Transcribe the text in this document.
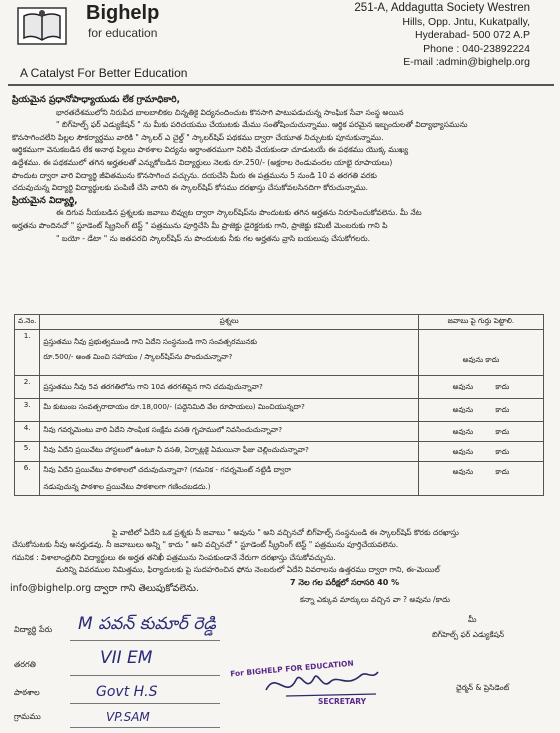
Bighelp
for education
A Catalyst For Better Education
251-A, Addagutta Society Westren
Hills, Opp. Jntu, Kukatpally,
Hyderabad- 500 072 A.P
Phone : 040-23892224
E-mail :admin@bighelp.org
ప్రియమైన ప్రధానోపాధ్యాయుడు లేక గ్రామాధికారి,
భారతదేశములోని నిరుపేద బాలబాలికల చిన్నతికై విద్యనందించుట కొనసాగి పాటుపడుచున్న సాంఘిక సేవా సంస్థ అయిన
" బిగ్‌హెల్ప్ ఫర్ ఎడ్యుకేషన్ " ను మీకు పరిచయము చేయుటకు మేము సంతోషించుచున్నాము. ఆర్థిక పరమైన ఇబ్బందులతో విద్యాభ్యాసమును
కొనసాగించలేని పిల్లల సౌకర్యార్థము వారికి " స్కాలర్ ఎ చైల్డ్ " స్కాలర్‌షిప్ పథకము ద్వారా చేయూత నిచ్చుటకు పూనుకున్నాము.
ఆర్థికముగా వెనుకబడిన లేక అనాథ పిల్లలు పాఠశాల విద్యను అర్ధాంతరముగా నిలిపి వేయకుండా చూడుటయే ఈ పథకము యొక్క ముఖ్య
ఉద్దేశము. ఈ పథకములో తగిన అర్హతలతో ఎన్నుకోబడిన విద్యార్థులు నెలకు రూ.250/- (అక్షరాల రెండువందల యాభై రూపాయలు)
పొందుట ద్వారా వారి విద్యార్థి జీవితమును కొనసాగించ వచ్చును. దయచేసి మీరు ఈ పత్రమును 5 నుండి 10 వ తరగతి వరకు
చదువుచున్న విద్యార్థి విద్యార్థులకు పంపిణీ చేసి వారిని ఈ స్కాలర్‌షిప్ కోసము దరఖాస్తు చేసుకోవలసినదిగా కోరుచున్నాము.
ప్రియమైన విద్యార్థి,
ఈ దిగువ నీయబడిన ప్రశ్నలకు జవాబు లివ్వుట ద్వారా స్కాలర్‌షిప్‌ను పొందుటకు తగిన అర్హతను నిరూపించుకోవలెను. మీ నేట
అర్హతను పొందినచో " స్టూడెంట్ స్క్రీనింగ్ టెస్ట్ " పత్రమును పూర్తిచేసి మీ ప్రాజెక్టు డైరెక్టరుకు గాని, ప్రాజెక్టు కమిటీ మెంబరుకు గాని పి
" బయో - డేటా " ను జతపరచి స్కాలర్‌షిప్ ను పొందుటకు నీకు గల అర్హతను వ్రాసి బయలుపు చేసుకోగలరు.
వ.నెం.	ప్రశ్నలు	జవాబు పై గుర్తు పెట్టాలి.
1.	ప్రస్తుతము నీవు ప్రభుత్వముండి గాని ఏదేని సంస్థనుండి గాని సంవత్సరమునకు
రూ.500/- అంత మించి సహాయం / స్కాలర్‌షిప్‌ను పొందుచున్నావా?	అవును కాదు

2.	ప్రస్తుతము నీవు 5వ తరగతిలోను గాని 10వ తరగతిపైన గాని చదువుచున్నావా?	అవును కాదు

3.	మీ కుటుంబ సంవత్సరాదాయం రూ.18,000/- (పద్దెనిమిది వేల రూపాయలు) మించియున్నదా?	అవును కాదు

4.	నీవు గవర్నమెంటు వారి ఏదేని సాంఘిక సంక్షేమ వసతి గృహములో నివసించుచున్నావా?	అవును కాదు

5.	నీవు ఏదేని ప్రయివేటు హాస్టలులో ఉంటూ నీ వసతి, ఏర్పాట్లకై ఏమయినా ఫీజు చెల్లించుచున్నావా?	అవును కాదు

6.	నీవు ఏదేని ప్రయివేటు పాఠశాలలో చదువుచున్నావా? (గమనిక - గవర్నమెంట్ నట్టిడీ ద్వారా
నడుపుచున్న పాఠశాల ప్రయివేటు పాఠశాలగా గణించబడదు.)	అవును కాదు
పై వాటిలో ఏదేని ఒక ప్రశ్నకు నీ జవాబు " అవును " అని వచ్చినచో బిగ్‌హెల్ప్ సంస్థనుండి ఈ స్కాలర్‌షిప్ కొరకు దరఖాస్తు
చేసుకోనుటకు నీవు అనర్హుడవు. నీ జవాబులు అన్ని " కాదు " అని వచ్చినచో " స్టూడెంట్ స్క్రీనింగ్ టెస్ట్ " పత్రమును పూర్తిచేయవలెను.
గమనిక : విశాలాంధ్రలిని విద్యార్థులు ఈ అర్హత తనిఖీ పత్రమును నింపకుండానే నేరుగా దరఖాస్తు చేసుకోవచ్చును.
మరిన్ని వివరముల నిమిత్తము, ఫిర్యాదులకు పై సుదహరించిన ఫోను నెంబరులో ఏదేని వివరాలను ఉత్తరము ద్వారా గాని, ఈ-మెయిల్
7 నెల గల పరీక్షలో సరాసరి 40 %
info@bighelp.org ద్వారా గాని తెలుపుకోవలెను.
కన్నా ఎక్కువ మార్కులు వచ్చిన వా ? అవును /కాదు
విద్యార్థి పేరు M పవన్ కుమార్ రెడ్డి
తరగతి	VII EM
పాఠశాల	Govt H.S
గ్రామము	VP.SAM
మీ
బిగ్‌హెల్ప్ ఫర్ ఎడ్యుకేషన్
For BIGHELP FOR EDUCATION
SECRETARY
ఛైర్మన్ & ప్రెసిడెంట్
